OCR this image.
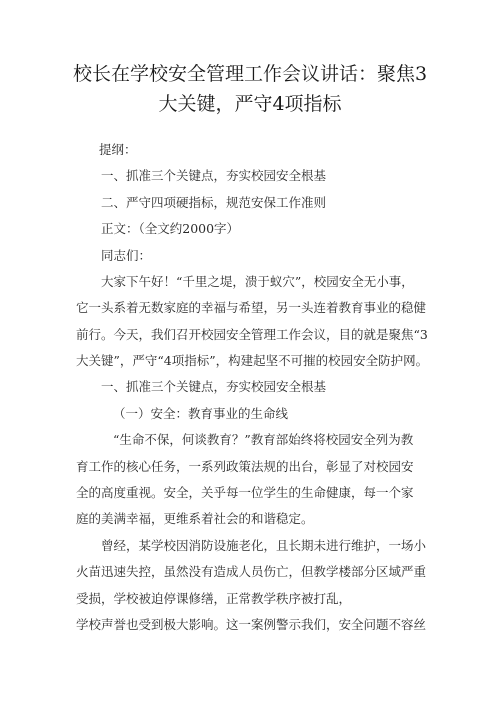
校长在学校安全管理工作会议讲话：聚焦3
大关键，严守4项指标
提纲：
一、抓准三个关键点，夯实校园安全根基
二、严守四项硬指标，规范安保工作准则
正文：（全文约2000字）
同志们：
大家下午好！“千里之堤，溃于蚁穴”，校园安全无小事，
它一头系着无数家庭的幸福与希望，另一头连着教育事业的稳健
前行。今天，我们召开校园安全管理工作会议，目的就是聚焦“3
大关键”，严守“4项指标”，构建起坚不可摧的校园安全防护网。
一、抓准三个关键点，夯实校园安全根基
（一）安全：教育事业的生命线
“生命不保，何谈教育？”教育部始终将校园安全列为教
育工作的核心任务，一系列政策法规的出台，彰显了对校园安
全的高度重视。安全，关乎每一位学生的生命健康，每一个家
庭的美满幸福，更维系着社会的和谐稳定。
曾经，某学校因消防设施老化，且长期未进行维护，一场小
火苗迅速失控，虽然没有造成人员伤亡，但教学楼部分区域严重
受损，学校被迫停课修缮，正常教学秩序被打乱，
学校声誉也受到极大影响。这一案例警示我们，安全问题不容丝
